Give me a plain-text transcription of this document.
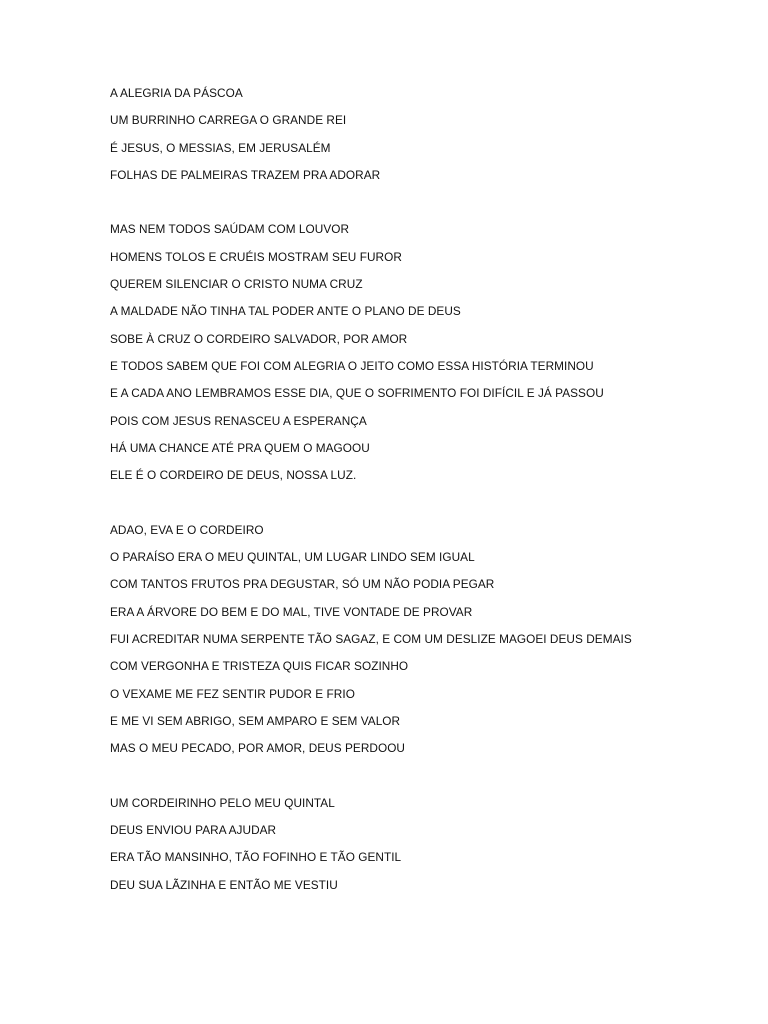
A ALEGRIA DA PÁSCOA
UM BURRINHO CARREGA O GRANDE REI
É JESUS, O MESSIAS, EM JERUSALÉM
FOLHAS DE PALMEIRAS TRAZEM PRA ADORAR
MAS NEM TODOS SAÚDAM COM LOUVOR
HOMENS TOLOS E CRUÉIS MOSTRAM SEU FUROR
QUEREM SILENCIAR O CRISTO NUMA CRUZ
A MALDADE NÃO TINHA TAL PODER ANTE O PLANO DE DEUS
SOBE À CRUZ O CORDEIRO SALVADOR, POR AMOR
E TODOS SABEM QUE FOI COM ALEGRIA O JEITO COMO ESSA HISTÓRIA TERMINOU
E A CADA ANO LEMBRAMOS ESSE DIA, QUE O SOFRIMENTO FOI DIFÍCIL E JÁ PASSOU
POIS COM JESUS RENASCEU A ESPERANÇA
HÁ UMA CHANCE ATÉ PRA QUEM O MAGOOU
ELE É O CORDEIRO DE DEUS, NOSSA LUZ.
ADAO, EVA E O CORDEIRO
O PARAÍSO ERA O MEU QUINTAL, UM LUGAR LINDO SEM IGUAL
COM TANTOS FRUTOS PRA DEGUSTAR, SÓ UM NÃO PODIA PEGAR
ERA A ÁRVORE DO BEM E DO MAL, TIVE VONTADE DE PROVAR
FUI ACREDITAR NUMA SERPENTE TÃO SAGAZ, E COM UM DESLIZE MAGOEI DEUS DEMAIS
COM VERGONHA E TRISTEZA QUIS FICAR SOZINHO
O VEXAME ME FEZ SENTIR PUDOR E FRIO
E ME VI SEM ABRIGO, SEM AMPARO E SEM VALOR
MAS O MEU PECADO, POR AMOR, DEUS PERDOOU
UM CORDEIRINHO PELO MEU QUINTAL
DEUS ENVIOU PARA AJUDAR
ERA TÃO MANSINHO, TÃO FOFINHO E TÃO GENTIL
DEU SUA LÃZINHA E ENTÃO ME VESTIU
